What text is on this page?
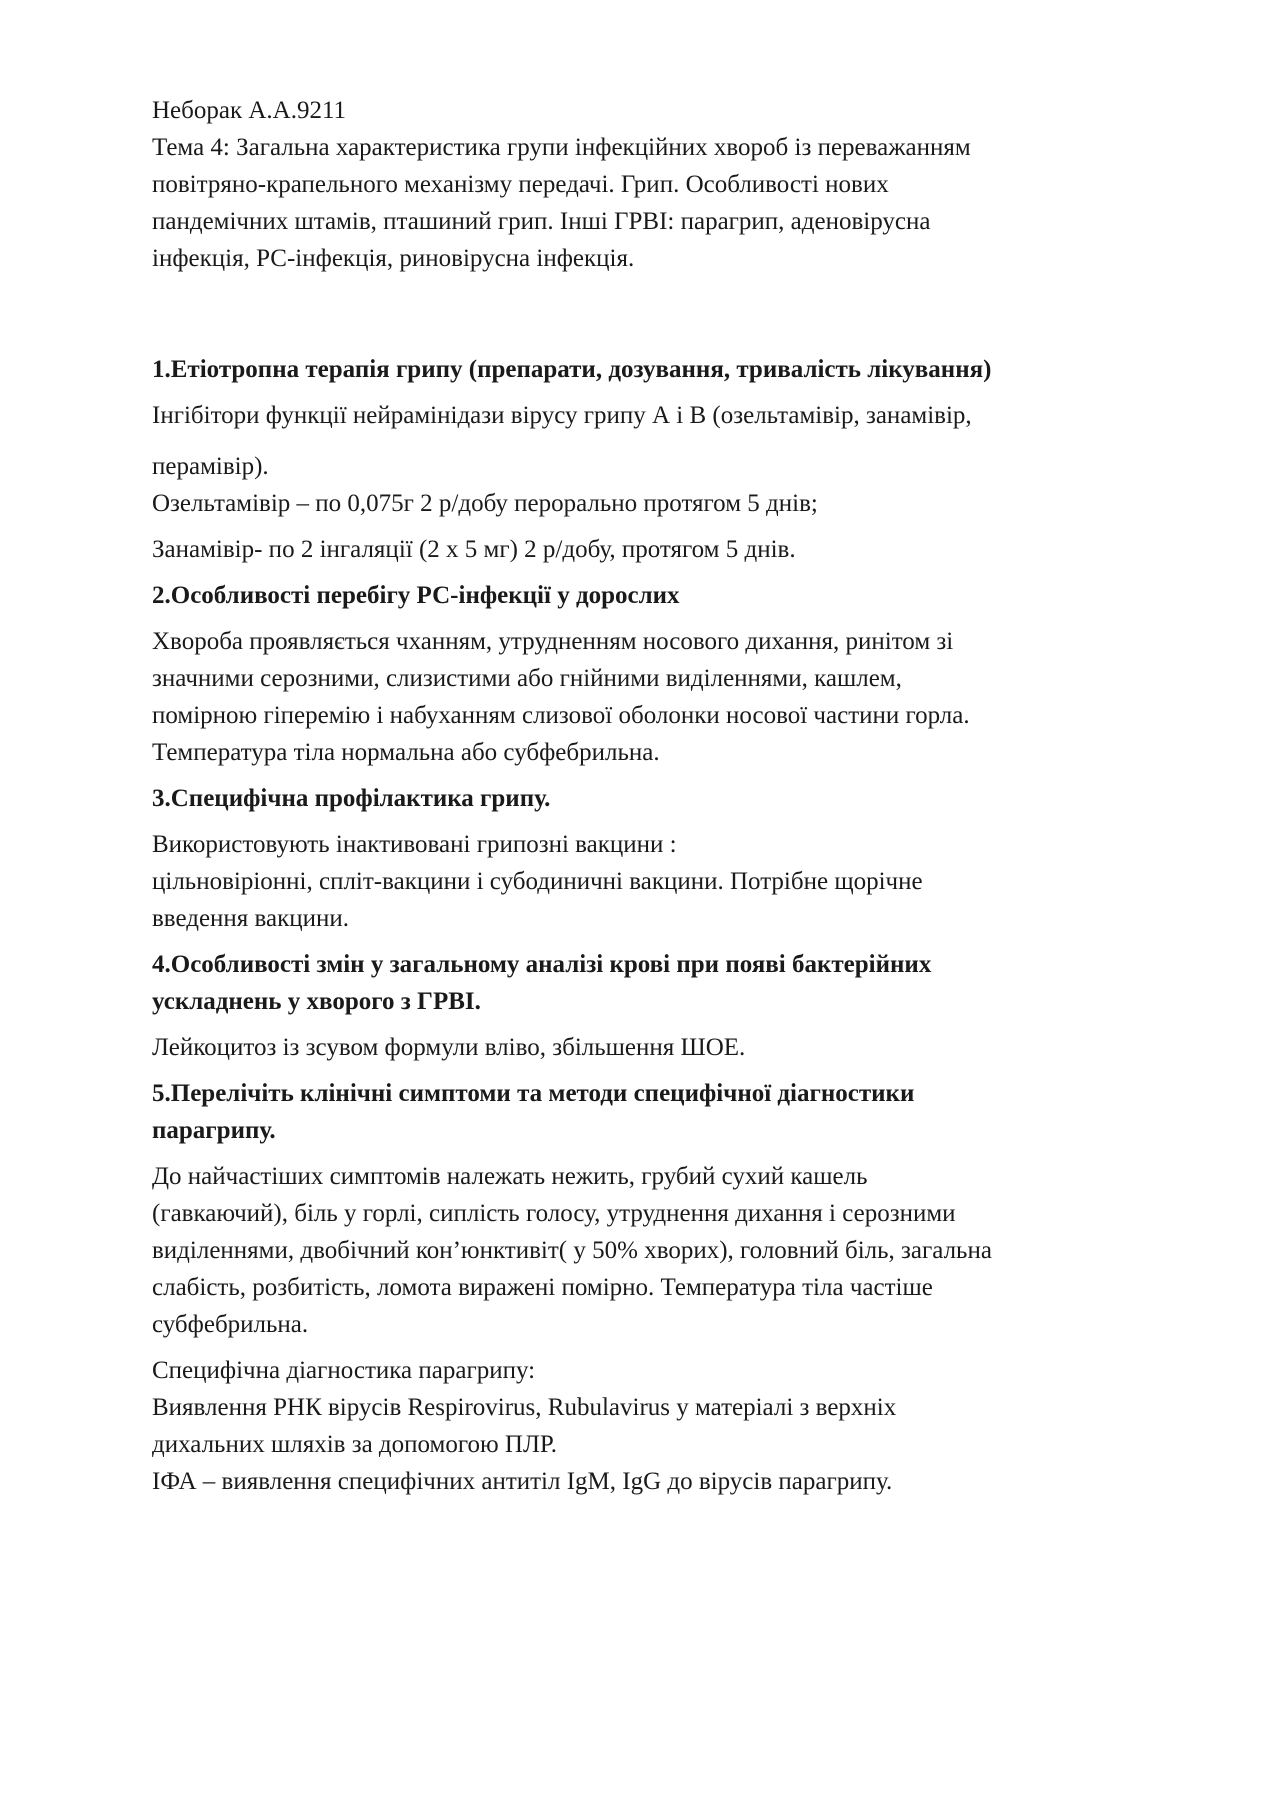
Неборак А.А.9211

Тема 4: Загальна характеристика групи інфекційних хвороб із переважанням

повітряно-крапельного механізму передачі. Грип. Особливості нових

пандемічних штамів, пташиний грип. Інші ГРВІ: парагрип, аденовірусна

інфекція, РС-інфекція, риновірусна інфекція.

1.Етіотропна терапія грипу (препарати, дозування, тривалість лікування)

Інгібітори функції нейрамінідази вірусу грипу А і В (озельтамівір, занамівір,

перамівір).

Озельтамівір – по 0,075г 2 р/добу перорально протягом 5 днів;

Занамівір- по 2 інгаляції (2 х 5 мг) 2 р/добу, протягом 5 днів.

2.Особливості перебігу РС-інфекції у дорослих

Хвороба проявляється чханням, утрудненням носового дихання, ринітом зі
значними серозними, слизистими або гнійними виділеннями, кашлем,
помірною гіперемію і набуханням слизової оболонки носової частини горла.
Температура тіла нормальна або субфебрильна.

3.Специфічна профілактика грипу.

Використовують інактивовані грипозні вакцини :
цільновіріонні, спліт-вакцини і субодиничні вакцини. Потрібне щорічне
введення вакцини.
4.Особливості змін у загальному аналізі крові при появі бактерійних
ускладнень у хворого з ГРВІ.

Лейкоцитоз із зсувом формули вліво, збільшення ШОЕ.

5.Перелічіть клінічні симптоми та методи специфічної діагностики
парагрипу.
До найчастіших симптомів належать нежить, грубий сухий кашель
(гавкаючий), біль у горлі, сиплість голосу, утруднення дихання і серозними
виділеннями, двобічний кон’юнктивіт( у 50% хворих), головний біль, загальна
слабість, розбитість, ломота виражені помірно. Температура тіла частіше
субфебрильна.
Специфічна діагностика парагрипу:
Виявлення РНК вірусів Respirovirus, Rubulavirus у матеріалі з верхніх
дихальних шляхів за допомогою ПЛР.
ІФА – виявлення специфічних антитіл IgM, IgG до вірусів парагрипу.
